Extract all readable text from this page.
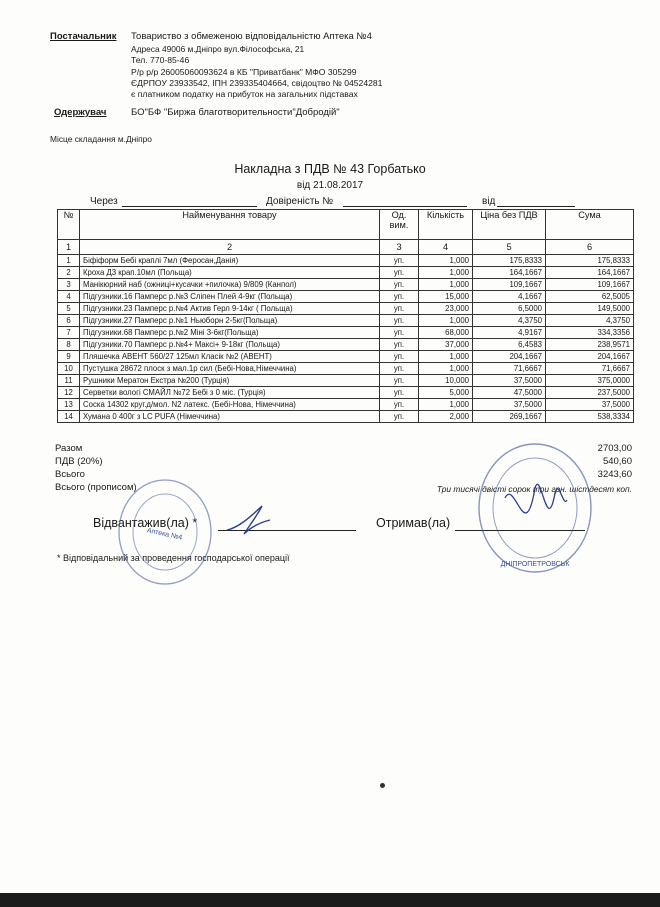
Постачальник Товариство з обмеженою відповідальністю Аптека №4
Адреса 49006 м.Дніпро вул.Філософська, 21
Тел. 770-85-46
Р/р р/р 26005060093624 в КБ "Приватбанк" МФО 305299
ЄДРПОУ 23933542, ІПН 239335404664, свідоцтво № 04524281
є платником податку на прибуток на загальних підставах
Одержувач	БО"БФ "Биржа благотворительности"Добродій"
Місце складання м.Дніпро
Накладна з ПДВ № 43 Горбатько
від 21.08.2017
Через	Довіреність №	від
№	Найменування товару	Од. вим.	Кількість	Ціна без ПДВ	Сума
1	2	3	4	5	6
1	Біфіформ Бебі краплі 7мл (Феросан,Данія)	уп.	1,000	175,8333	175,8333
2	Кроха Д3 крап.10мл (Польща)	уп.	1,000	164,1667	164,1667
3	Манікюрний наб (ожниці+кусачки +пилочка) 9/809 (Канпол)	уп.	1,000	109,1667	109,1667
4	Підгузники.16 Памперс р.№3 Сліпен Плей 4-9кг (Польща)	уп.	15,000	4,1667	62,5005
5	Підгузники.23 Памперс р.№4 Актив Герл 9-14кг ( Польща)	уп.	23,000	6,5000	149,5000
6	Підгузники.27 Памперс р.№1 Ньюборн 2-5кг(Польща)	уп.	1,000	4,3750	4,3750
7	Підгузники.68 Памперс р.№2 Міні 3-6кг(Польща)	уп.	68,000	4,9167	334,3356
8	Підгузники.70 Памперс р.№4+ Максі+ 9-18кг (Польща)	уп.	37,000	6,4583	238,9571
9	Пляшечка АВЕНТ 560/27 125мл Класік №2 (АВЕНТ)	уп.	1,000	204,1667	204,1667
10	Пустушка 28672 плоск з мал.1р сил (Бебі-Нова,Німеччина)	уп.	1,000	71,6667	71,6667
11	Рушники Мератон Екстра №200 (Турція)	уп.	10,000	37,5000	375,0000
12	Серветки вологі СМАЙЛ №72 Бебі з 0 міс. (Турція)	уп.	5,000	47,5000	237,5000
13	Соска 14302 круг.д/мол. N2 латекс. (Бебі-Нова, Німеччина)	уп.	1,000	37,5000	37,5000
14	Хумана 0 400г з LC PUFA (Німеччина)	уп.	2,000	269,1667	538,3334
Разом	2703,00
ПДВ (20%)	540,60
Всього	3243,60
Всього (прописом)	Три тисячі двісті сорок три грн. шістдесят коп.
Відвантажив(ла) *	Отримав(ла)
* Відповідальний за проведення господарської операції
Аптека №4
ДНІПРОПЕТРОВСЬК
